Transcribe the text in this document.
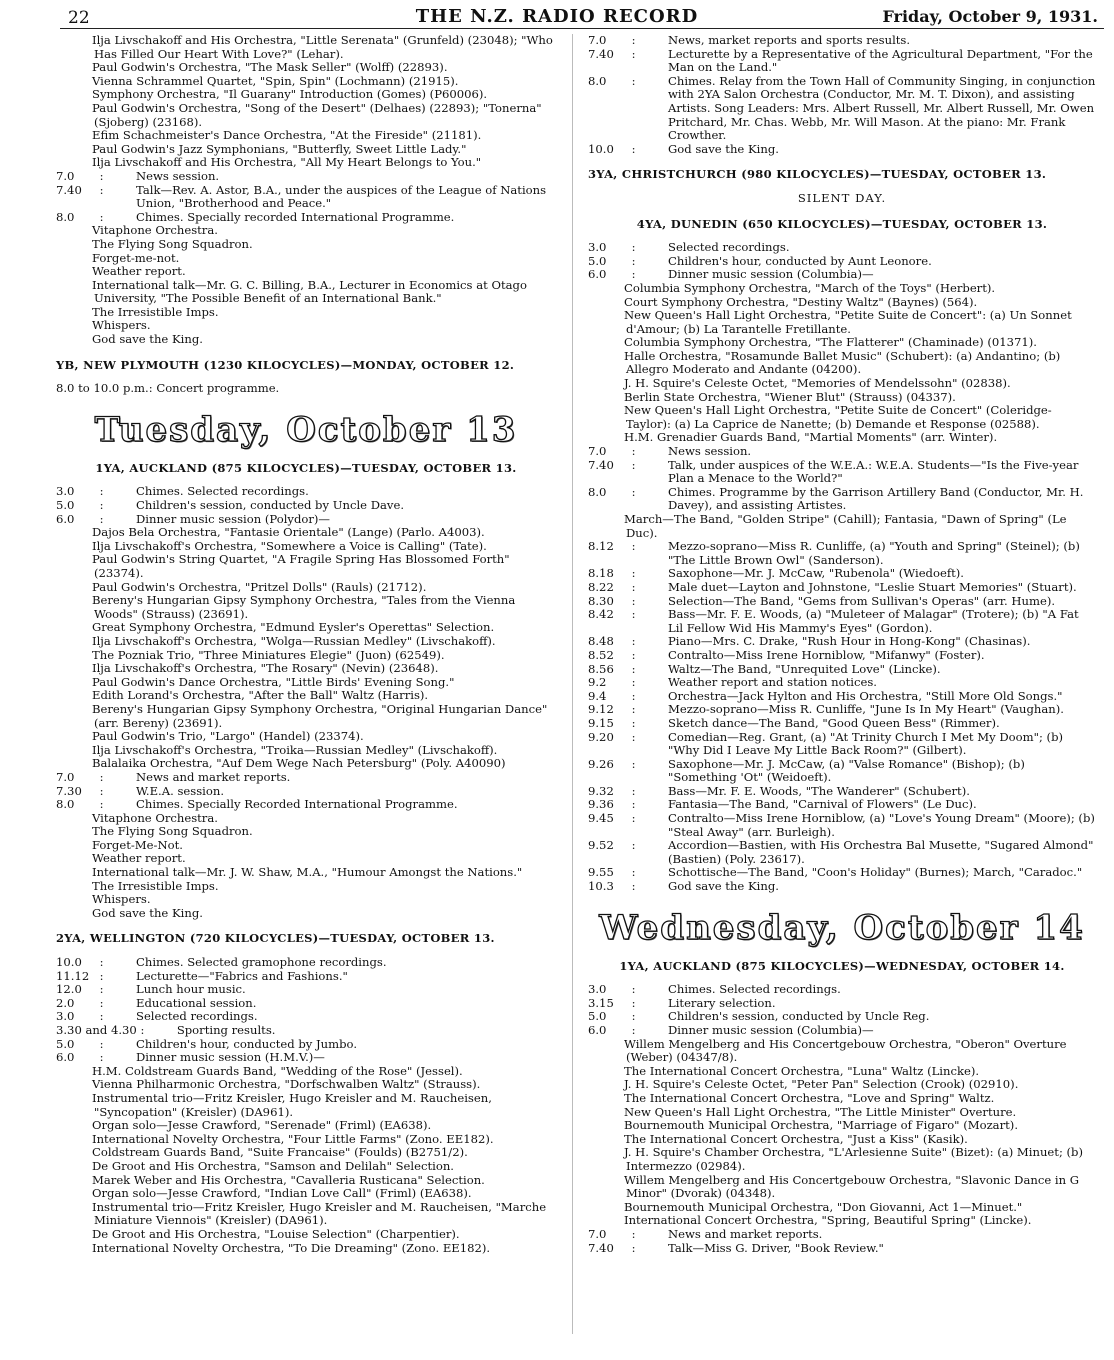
22	THE N.Z. RADIO RECORD	Friday, October 9, 1931.
Ilja Livschakoff and His Orchestra, "Little Serenata" (Grunfeld) (23048); "Who Has Filled Our Heart With Love?" (Lehar).
Paul Godwin's Orchestra, "The Mask Seller" (Wolff) (22893).
Vienna Schrammel Quartet, "Spin, Spin" (Lochmann) (21915).
Symphony Orchestra, "Il Guarany" Introduction (Gomes) (P60006).
Paul Godwin's Orchestra, "Song of the Desert" (Delhaes) (22893); "Tonerna" (Sjoberg) (23168).
Efim Schachmeister's Dance Orchestra, "At the Fireside" (21181).
Paul Godwin's Jazz Symphonians, "Butterfly, Sweet Little Lady."
Ilja Livschakoff and His Orchestra, "All My Heart Belongs to You."
7.0	:	News session.
7.40	:	Talk—Rev. A. Astor, B.A., under the auspices of the League of Nations Union, "Brotherhood and Peace."
8.0	:	Chimes. Specially recorded International Programme.
Vitaphone Orchestra.
The Flying Song Squadron.
Forget-me-not.
Weather report.
International talk—Mr. G. C. Billing, B.A., Lecturer in Economics at Otago University, "The Possible Benefit of an International Bank."
The Irresistible Imps.
Whispers.
God save the King.
YB, NEW PLYMOUTH (1230 KILOCYCLES)—MONDAY, OCTOBER 12.
8.0 to 10.0 p.m.: Concert programme.
Tuesday, October 13
1YA, AUCKLAND (875 KILOCYCLES)—TUESDAY, OCTOBER 13.
3.0	:	Chimes. Selected recordings.
5.0	:	Children's session, conducted by Uncle Dave.
6.0	:	Dinner music session (Polydor)—
Dajos Bela Orchestra, "Fantasie Orientale" (Lange) (Parlo. A4003).
Ilja Livschakoff's Orchestra, "Somewhere a Voice is Calling" (Tate).
Paul Godwin's String Quartet, "A Fragile Spring Has Blossomed Forth" (23374).
Paul Godwin's Orchestra, "Pritzel Dolls" (Rauls) (21712).
Bereny's Hungarian Gipsy Symphony Orchestra, "Tales from the Vienna Woods" (Strauss) (23691).
Great Symphony Orchestra, "Edmund Eysler's Operettas" Selection.
Ilja Livschakoff's Orchestra, "Wolga—Russian Medley" (Livschakoff).
The Pozniak Trio, "Three Miniatures Elegie" (Juon) (62549).
Ilja Livschakoff's Orchestra, "The Rosary" (Nevin) (23648).
Paul Godwin's Dance Orchestra, "Little Birds' Evening Song."
Edith Lorand's Orchestra, "After the Ball" Waltz (Harris).
Bereny's Hungarian Gipsy Symphony Orchestra, "Original Hungarian Dance" (arr. Bereny) (23691).
Paul Godwin's Trio, "Largo" (Handel) (23374).
Ilja Livschakoff's Orchestra, "Troika—Russian Medley" (Livschakoff).
Balalaika Orchestra, "Auf Dem Wege Nach Petersburg" (Poly. A40090)
7.0	:	News and market reports.
7.30	:	W.E.A. session.
8.0	:	Chimes. Specially Recorded International Programme.
Vitaphone Orchestra.
The Flying Song Squadron.
Forget-Me-Not.
Weather report.
International talk—Mr. J. W. Shaw, M.A., "Humour Amongst the Nations."
The Irresistible Imps.
Whispers.
God save the King.
2YA, WELLINGTON (720 KILOCYCLES)—TUESDAY, OCTOBER 13.
10.0	:	Chimes. Selected gramophone recordings.
11.12 :	Lecturette—"Fabrics and Fashions."
12.0	:	Lunch hour music.
2.0	:	Educational session.
3.0	:	Selected recordings.
3.30 and 4.30 :	Sporting results.
5.0	:	Children's hour, conducted by Jumbo.
6.0	:	Dinner music session (H.M.V.)—
H.M. Coldstream Guards Band, "Wedding of the Rose" (Jessel).
Vienna Philharmonic Orchestra, "Dorfschwalben Waltz" (Strauss).
Instrumental trio—Fritz Kreisler, Hugo Kreisler and M. Raucheisen, "Syncopation" (Kreisler) (DA961).
Organ solo—Jesse Crawford, "Serenade" (Friml) (EA638).
International Novelty Orchestra, "Four Little Farms" (Zono. EE182).
Coldstream Guards Band, "Suite Francaise" (Foulds) (B2751/2).
De Groot and His Orchestra, "Samson and Delilah" Selection.
Marek Weber and His Orchestra, "Cavalleria Rusticana" Selection.
Organ solo—Jesse Crawford, "Indian Love Call" (Friml) (EA638).
Instrumental trio—Fritz Kreisler, Hugo Kreisler and M. Raucheisen, "Marche Miniature Viennois" (Kreisler) (DA961).
De Groot and His Orchestra, "Louise Selection" (Charpentier).
International Novelty Orchestra, "To Die Dreaming" (Zono. EE182).
7.0	:	News, market reports and sports results.
7.40	:	Lecturette by a Representative of the Agricultural Department, "For the Man on the Land."
8.0	:	Chimes. Relay from the Town Hall of Community Singing, in conjunction with 2YA Salon Orchestra (Conductor, Mr. M. T. Dixon), and assisting Artists. Song Leaders: Mrs. Albert Russell, Mr. Albert Russell, Mr. Owen Pritchard, Mr. Chas. Webb, Mr. Will Mason. At the piano: Mr. Frank Crowther.
10.0	:	God save the King.
3YA, CHRISTCHURCH (980 KILOCYCLES)—TUESDAY, OCTOBER 13.
SILENT DAY.
4YA, DUNEDIN (650 KILOCYCLES)—TUESDAY, OCTOBER 13.
3.0	:	Selected recordings.
5.0	:	Children's hour, conducted by Aunt Leonore.
6.0	:	Dinner music session (Columbia)—
Columbia Symphony Orchestra, "March of the Toys" (Herbert).
Court Symphony Orchestra, "Destiny Waltz" (Baynes) (564).
New Queen's Hall Light Orchestra, "Petite Suite de Concert": (a) Un Sonnet d'Amour; (b) La Tarantelle Fretillante.
Columbia Symphony Orchestra, "The Flatterer" (Chaminade) (01371).
Halle Orchestra, "Rosamunde Ballet Music" (Schubert): (a) Andantino; (b) Allegro Moderato and Andante (04200).
J. H. Squire's Celeste Octet, "Memories of Mendelssohn" (02838).
Berlin State Orchestra, "Wiener Blut" (Strauss) (04337).
New Queen's Hall Light Orchestra, "Petite Suite de Concert" (Coleridge-Taylor): (a) La Caprice de Nanette; (b) Demande et Response (02588).
H.M. Grenadier Guards Band, "Martial Moments" (arr. Winter).
7.0	:	News session.
7.40	:	Talk, under auspices of the W.E.A.: W.E.A. Students—"Is the Five-year Plan a Menace to the World?"
8.0	:	Chimes. Programme by the Garrison Artillery Band (Conductor, Mr. H. Davey), and assisting Artistes.
March—The Band, "Golden Stripe" (Cahill); Fantasia, "Dawn of Spring" (Le Duc).
8.12	:	Mezzo-soprano—Miss R. Cunliffe, (a) "Youth and Spring" (Steinel); (b) "The Little Brown Owl" (Sanderson).
8.18	:	Saxophone—Mr. J. McCaw, "Rubenola" (Wiedoeft).
8.22	:	Male duet—Layton and Johnstone, "Leslie Stuart Memories" (Stuart).
8.30	:	Selection—The Band, "Gems from Sullivan's Operas" (arr. Hume).
8.42	:	Bass—Mr. F. E. Woods, (a) "Muleteer of Malagar" (Trotere); (b) "A Fat Lil Fellow Wid His Mammy's Eyes" (Gordon).
8.48	:	Piano—Mrs. C. Drake, "Rush Hour in Hong-Kong" (Chasinas).
8.52	:	Contralto—Miss Irene Horniblow, "Mifanwy" (Foster).
8.56	:	Waltz—The Band, "Unrequited Love" (Lincke).
9.2	:	Weather report and station notices.
9.4	:	Orchestra—Jack Hylton and His Orchestra, "Still More Old Songs."
9.12	:	Mezzo-soprano—Miss R. Cunliffe, "June Is In My Heart" (Vaughan).
9.15	:	Sketch dance—The Band, "Good Queen Bess" (Rimmer).
9.20	:	Comedian—Reg. Grant, (a) "At Trinity Church I Met My Doom"; (b) "Why Did I Leave My Little Back Room?" (Gilbert).
9.26	:	Saxophone—Mr. J. McCaw, (a) "Valse Romance" (Bishop); (b) "Something 'Ot" (Weidoeft).
9.32	:	Bass—Mr. F. E. Woods, "The Wanderer" (Schubert).
9.36	:	Fantasia—The Band, "Carnival of Flowers" (Le Duc).
9.45	:	Contralto—Miss Irene Horniblow, (a) "Love's Young Dream" (Moore); (b) "Steal Away" (arr. Burleigh).
9.52	:	Accordion—Bastien, with His Orchestra Bal Musette, "Sugared Almond" (Bastien) (Poly. 23617).
9.55	:	Schottische—The Band, "Coon's Holiday" (Burnes); March, "Caradoc."
10.3	:	God save the King.
Wednesday, October 14
1YA, AUCKLAND (875 KILOCYCLES)—WEDNESDAY, OCTOBER 14.
3.0	:	Chimes. Selected recordings.
3.15	:	Literary selection.
5.0	:	Children's session, conducted by Uncle Reg.
6.0	:	Dinner music session (Columbia)—
Willem Mengelberg and His Concertgebouw Orchestra, "Oberon" Overture (Weber) (04347/8).
The International Concert Orchestra, "Luna" Waltz (Lincke).
J. H. Squire's Celeste Octet, "Peter Pan" Selection (Crook) (02910).
The International Concert Orchestra, "Love and Spring" Waltz.
New Queen's Hall Light Orchestra, "The Little Minister" Overture.
Bournemouth Municipal Orchestra, "Marriage of Figaro" (Mozart).
The International Concert Orchestra, "Just a Kiss" (Kasik).
J. H. Squire's Chamber Orchestra, "L'Arlesienne Suite" (Bizet): (a) Minuet; (b) Intermezzo (02984).
Willem Mengelberg and His Concertgebouw Orchestra, "Slavonic Dance in G Minor" (Dvorak) (04348).
Bournemouth Municipal Orchestra, "Don Giovanni, Act 1—Minuet."
International Concert Orchestra, "Spring, Beautiful Spring" (Lincke).
7.0	:	News and market reports.
7.40	:	Talk—Miss G. Driver, "Book Review."
